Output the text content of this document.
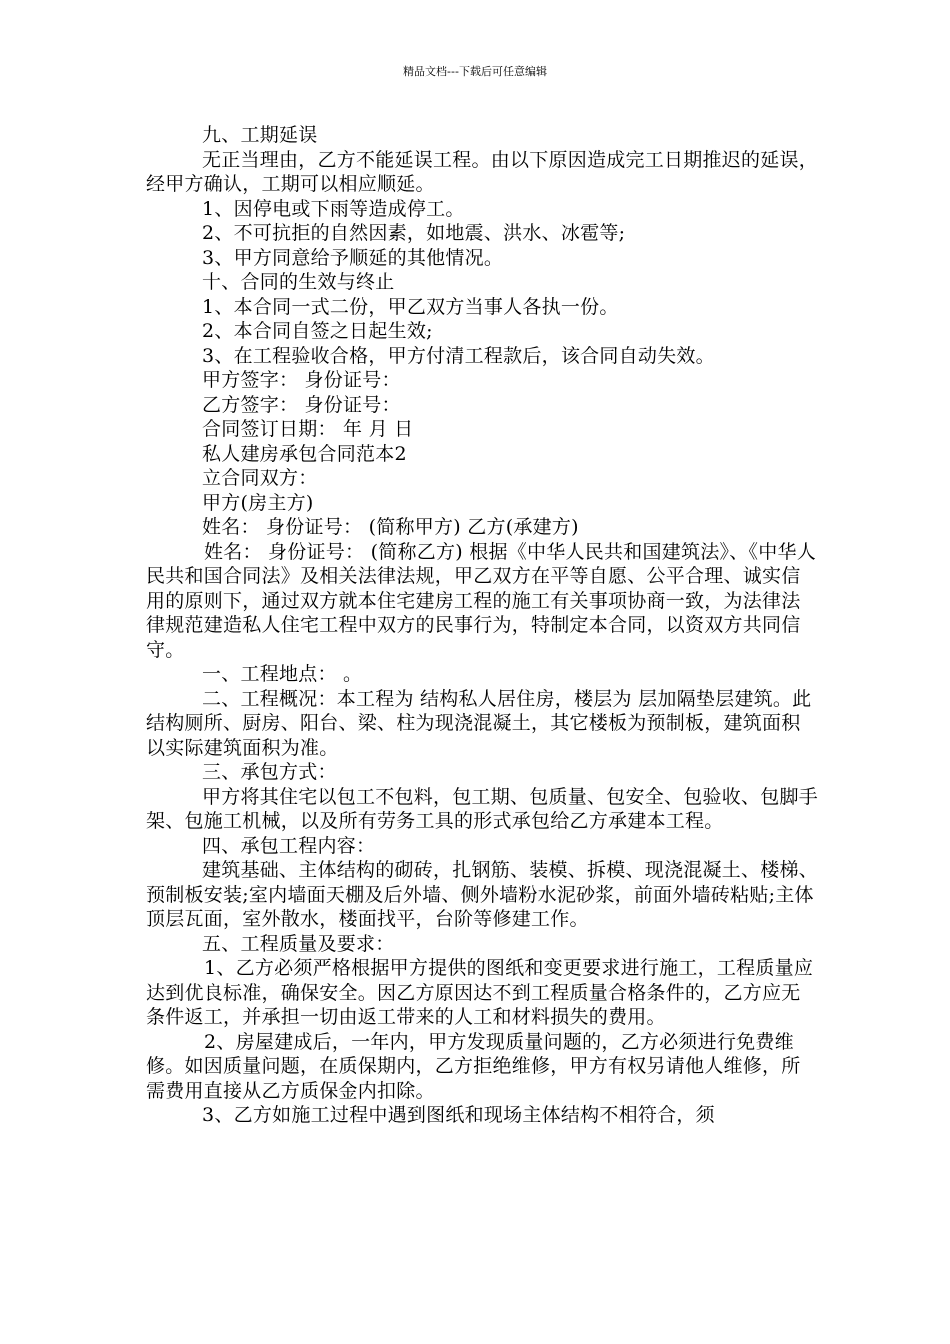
精品文档---下载后可任意编辑

九、工期延误

无正当理由，乙方不能延误工程。由以下原因造成完工日期推迟的延误，经甲方确认，工期可以相应顺延。

1、因停电或下雨等造成停工。

2、不可抗拒的自然因素，如地震、洪水、冰雹等;

3、甲方同意给予顺延的其他情况。

十、合同的生效与终止

1、本合同一式二份，甲乙双方当事人各执一份。

2、本合同自签之日起生效;

3、在工程验收合格，甲方付清工程款后，该合同自动失效。

甲方签字： 身份证号：

乙方签字： 身份证号：

合同签订日期： 年 月 日

私人建房承包合同范本2

立合同双方：

甲方(房主方)

姓名： 身份证号： (简称甲方) 乙方(承建方)

姓名： 身份证号： (简称乙方) 根据《中华人民共和国建筑法》、《中华人民共和国合同法》及相关法律法规，甲乙双方在平等自愿、公平合理、诚实信用的原则下，通过双方就本住宅建房工程的施工有关事项协商一致，为法律法律规范建造私人住宅工程中双方的民事行为，特制定本合同，以资双方共同信守。

一、工程地点： 。

二、工程概况：本工程为 结构私人居住房，楼层为 层加隔垫层建筑。此结构厕所、厨房、阳台、梁、柱为现浇混凝土，其它楼板为预制板，建筑面积以实际建筑面积为准。

三、承包方式：

甲方将其住宅以包工不包料，包工期、包质量、包安全、包验收、包脚手架、包施工机械，以及所有劳务工具的形式承包给乙方承建本工程。

四、承包工程内容：

建筑基础、主体结构的砌砖，扎钢筋、装模、拆模、现浇混凝土、楼梯、预制板安装;室内墙面天棚及后外墙、侧外墙粉水泥砂浆，前面外墙砖粘贴;主体顶层瓦面，室外散水，楼面找平，台阶等修建工作。

五、工程质量及要求：

1、乙方必须严格根据甲方提供的图纸和变更要求进行施工，工程质量应达到优良标准，确保安全。因乙方原因达不到工程质量合格条件的，乙方应无条件返工，并承担一切由返工带来的人工和材料损失的费用。

2、房屋建成后，一年内，甲方发现质量问题的，乙方必须进行免费维修。如因质量问题，在质保期内，乙方拒绝维修，甲方有权另请他人维修，所需费用直接从乙方质保金内扣除。

3、乙方如施工过程中遇到图纸和现场主体结构不相符合，须
